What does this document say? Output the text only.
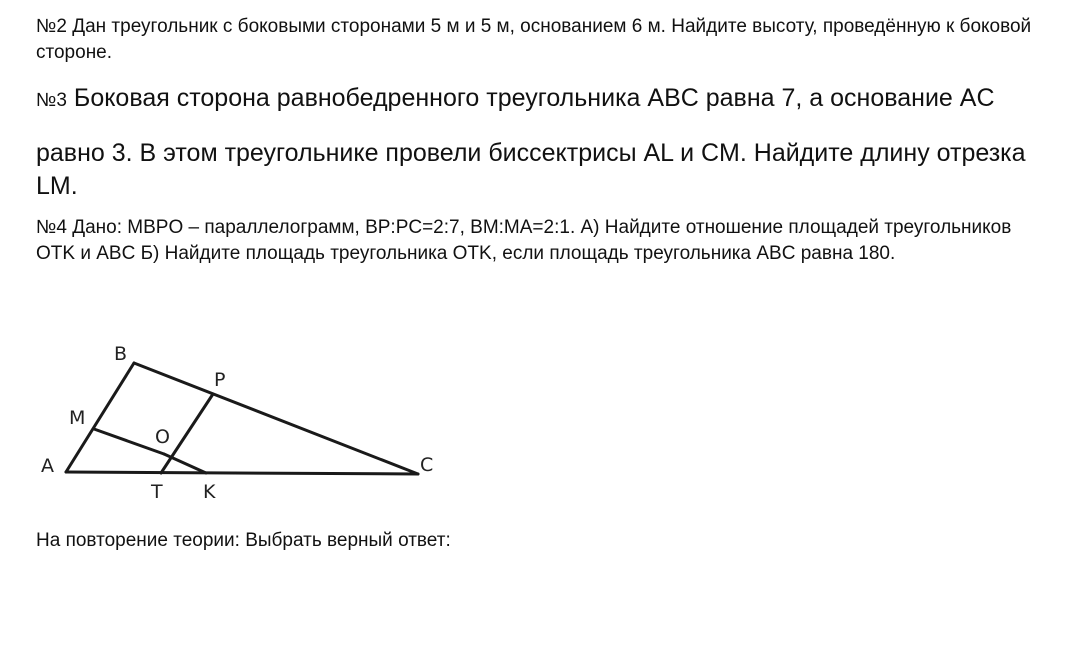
№2 Дан треугольник с боковыми сторонами 5 м и 5 м, основанием 6 м. Найдите высоту, проведённую к боковой стороне.

№3 Боковая сторона равнобедренного треугольника ABC равна 7, а основание AC

равно 3. В этом треугольнике провели биссектрисы AL и CM. Найдите длину отрезка LM.

№4 Дано: MBPO – параллелограмм, BP:PC=2:7, BM:MA=2:1. А) Найдите отношение площадей треугольников OTK и ABC Б) Найдите площадь треугольника OTK, если площадь треугольника ABC равна 180.

B
P
M
O
A	C
T K

На повторение теории: Выбрать верный ответ:
